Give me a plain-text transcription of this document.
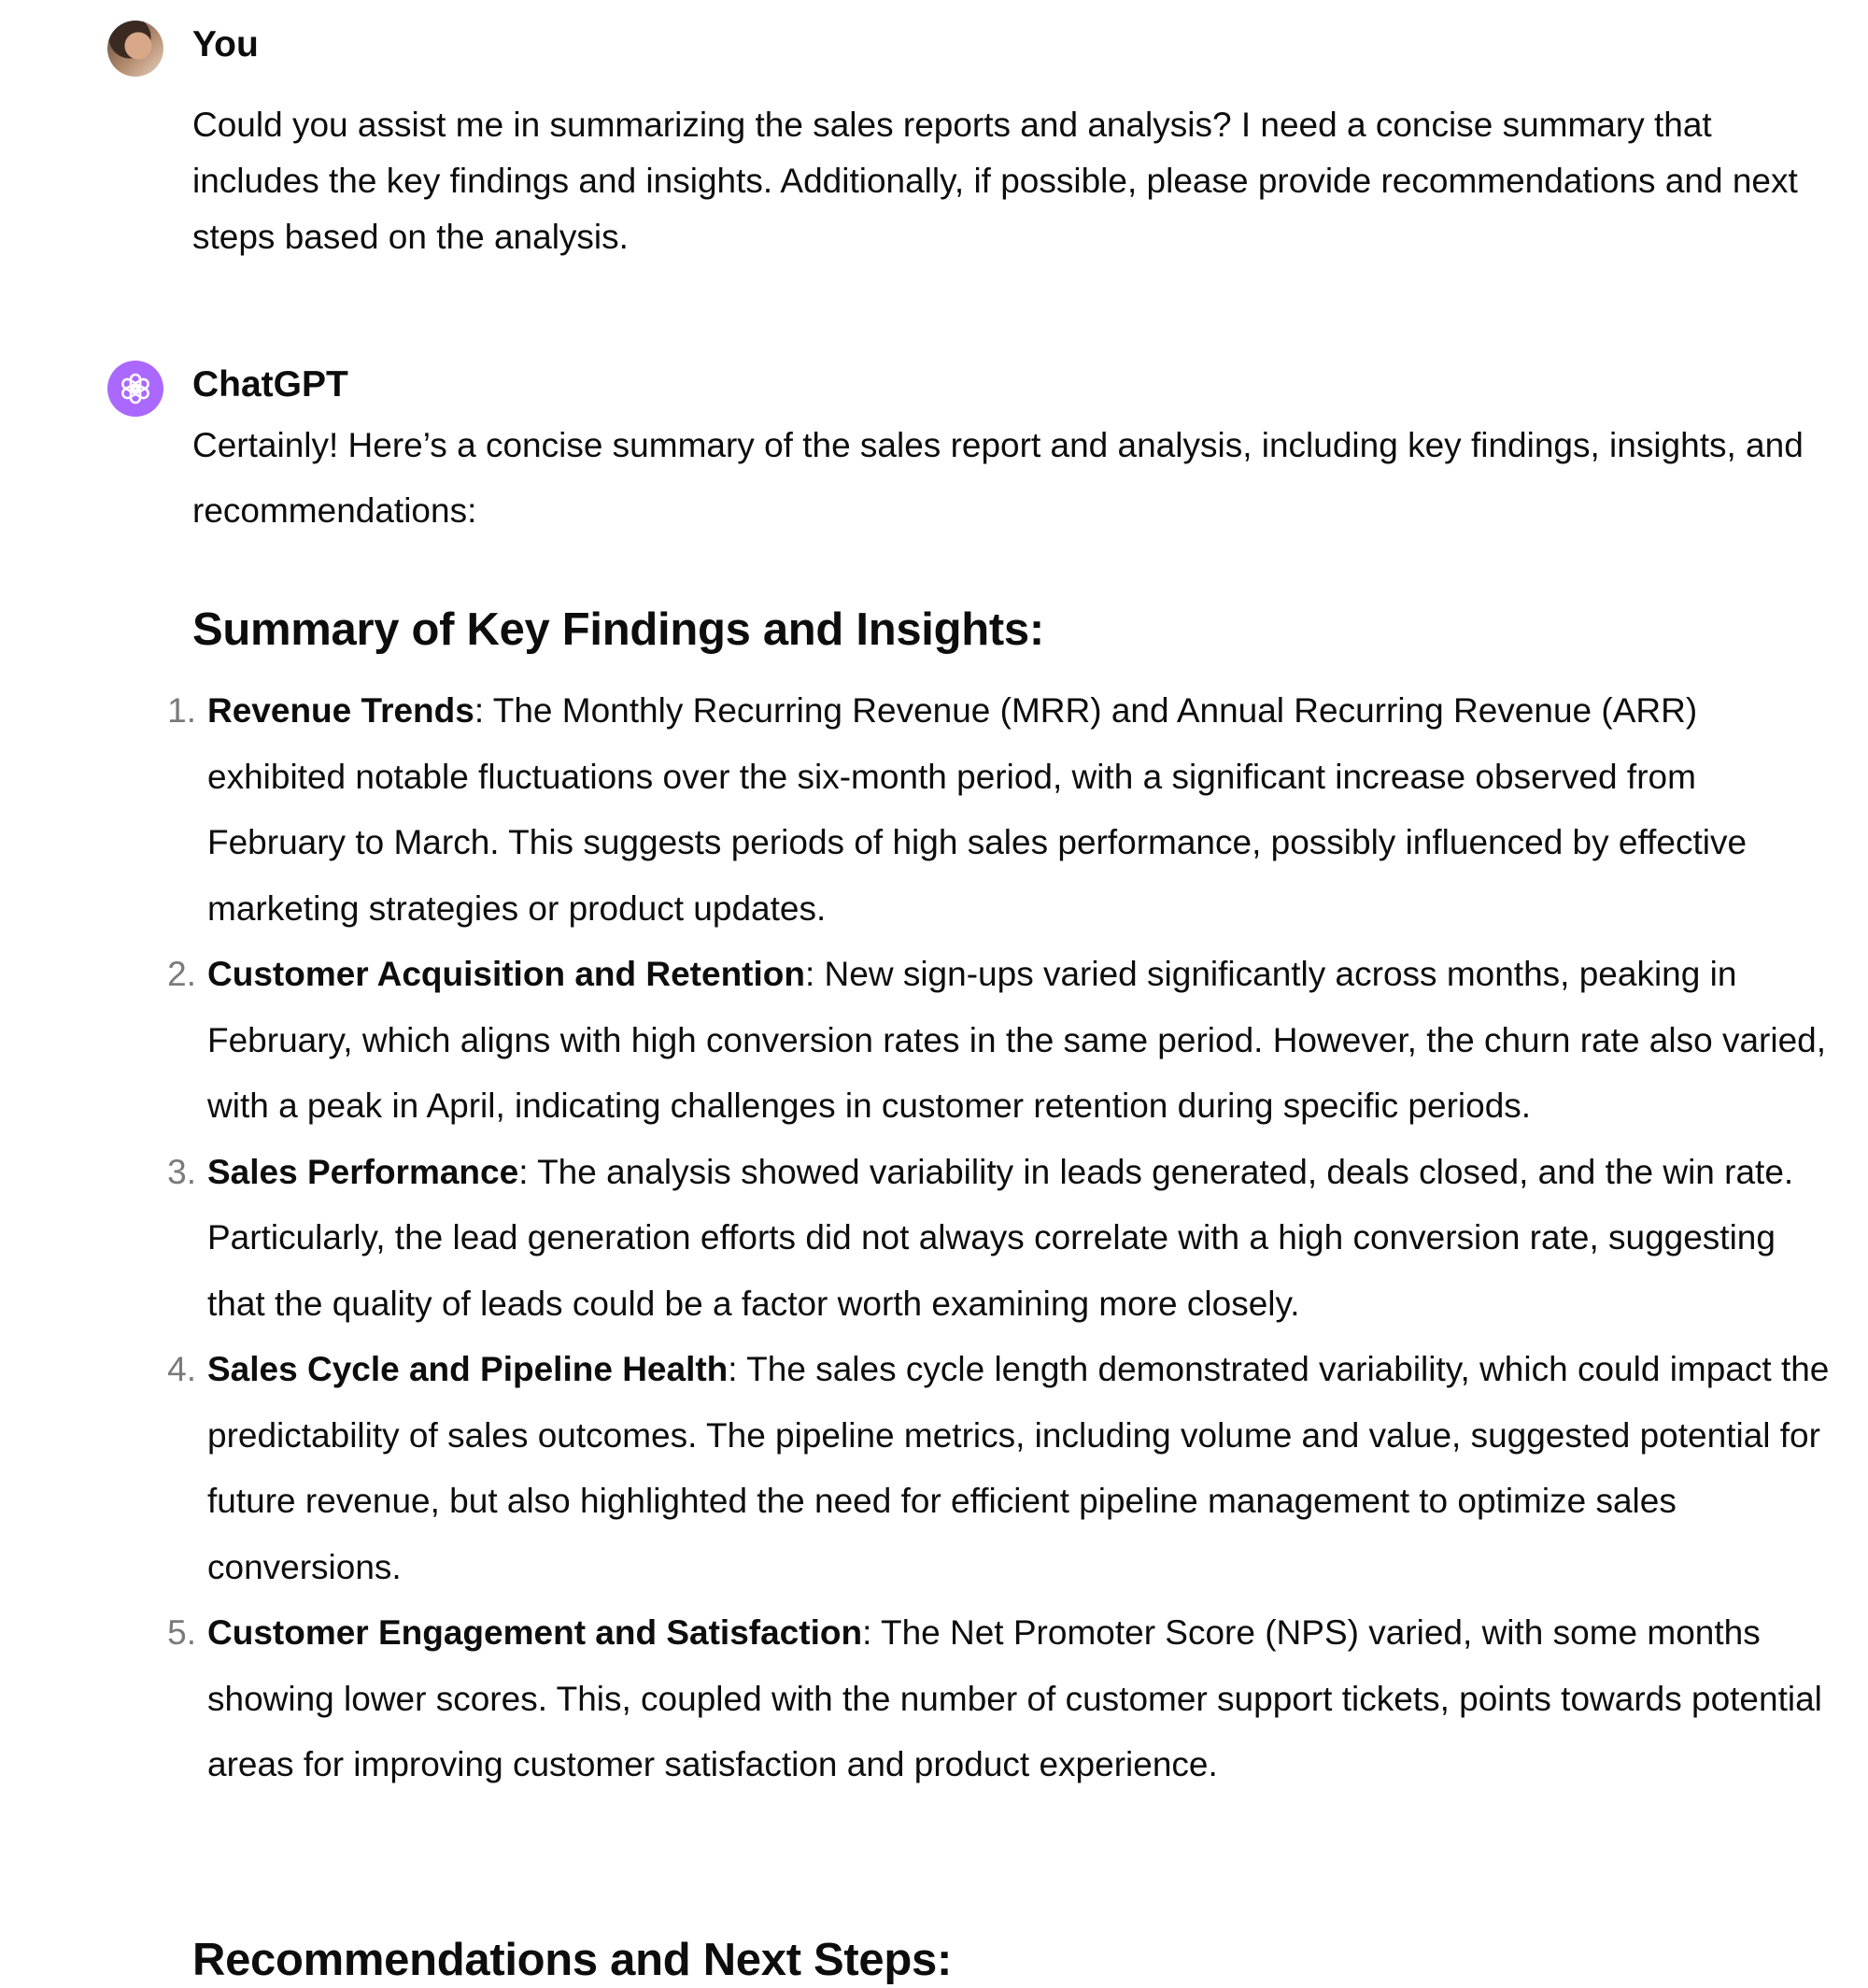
You
Could you assist me in summarizing the sales reports and analysis? I need a concise summary that includes the key findings and insights. Additionally, if possible, please provide recommendations and next steps based on the analysis.
ChatGPT
Certainly! Here’s a concise summary of the sales report and analysis, including key findings, insights, and recommendations:
Summary of Key Findings and Insights:
1. Revenue Trends: The Monthly Recurring Revenue (MRR) and Annual Recurring Revenue (ARR) exhibited notable fluctuations over the six-month period, with a significant increase observed from February to March. This suggests periods of high sales performance, possibly influenced by effective marketing strategies or product updates.
2. Customer Acquisition and Retention: New sign-ups varied significantly across months, peaking in February, which aligns with high conversion rates in the same period. However, the churn rate also varied, with a peak in April, indicating challenges in customer retention during specific periods.
3. Sales Performance: The analysis showed variability in leads generated, deals closed, and the win rate. Particularly, the lead generation efforts did not always correlate with a high conversion rate, suggesting that the quality of leads could be a factor worth examining more closely.
4. Sales Cycle and Pipeline Health: The sales cycle length demonstrated variability, which could impact the predictability of sales outcomes. The pipeline metrics, including volume and value, suggested potential for future revenue, but also highlighted the need for efficient pipeline management to optimize sales conversions.
5. Customer Engagement and Satisfaction: The Net Promoter Score (NPS) varied, with some months showing lower scores. This, coupled with the number of customer support tickets, points towards potential areas for improving customer satisfaction and product experience.
Recommendations and Next Steps:
